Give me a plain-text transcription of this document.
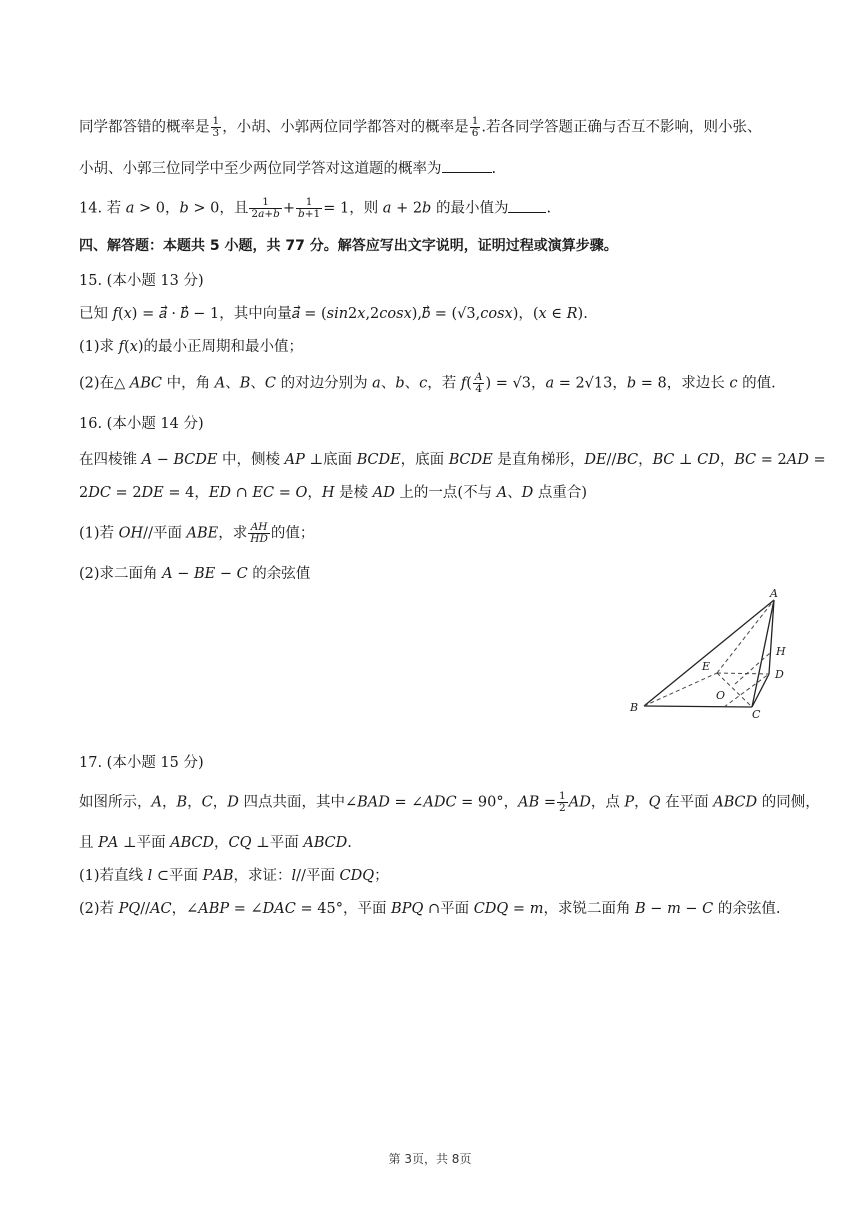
同学都答错的概率是 $\frac{1}{3}$ ，小胡、小郭两位同学都答对的概率是 $\frac{1}{6}$ .若各同学答题正确与否互不影响，则小张、
小胡、小郭三位同学中至少两位同学答对这道题的概率为	.
14. 若 𝑎 > 0，𝑏 > 0，且 $\frac{1}{\text{2𝑎+𝑏}} + \frac{1}{\text{𝑏+1}} = 1$，则 𝑎 + 2𝑏 的最小值为	.
四、解答题：本题共 5 小题，共 77 分。解答应写出文字说明，证明过程或演算步骤。
15. (本小题 13 分)
已知 𝑓(𝑥) = 𝑎⃗ · 𝑏⃗ − 1，其中向量𝑎⃗ = (𝑠𝑖𝑛2𝑥,2𝑐𝑜𝑠𝑥),𝑏⃗ = (√3,𝑐𝑜𝑠𝑥)，(𝑥 ∈ 𝑅).
(1)求 𝑓(𝑥)的最小正周期和最小值；
(2)在△ 𝐴𝐵𝐶 中，角 𝐴、𝐵、𝐶 的对边分别为 𝑎、𝑏、𝑐，若 𝑓( $\frac{\text{𝐴}}{4}$ ) = √3，𝑎 = 2√13，𝑏 = 8，求边长 𝑐 的值.
16. (本小题 14 分)
在四棱锥 𝐴 − 𝐵𝐶𝐷𝐸 中，侧棱 𝐴𝑃 ⊥底面 𝐵𝐶𝐷𝐸，底面 𝐵𝐶𝐷𝐸 是直角梯形，𝐷𝐸//𝐵𝐶，𝐵𝐶 ⊥ 𝐶𝐷，𝐵𝐶 = 2𝐴𝐷 =
2𝐷𝐶 = 2𝐷𝐸 = 4，𝐸𝐷 ∩ 𝐸𝐶 = 𝑂，𝐻 是棱 𝐴𝐷 上的一点(不与 𝐴、𝐷 点重合)
(1)若 𝑂𝐻//平面 𝐴𝐵𝐸，求 $\frac{\text{𝐴𝐻}}{\text{𝐻𝐷}}$ 的值；
(2)求二面角 𝐴 − 𝐵𝐸 − 𝐶 的余弦值
A
H
E
D
O
B
C
17. (本小题 15 分)
如图所示，𝐴，𝐵，𝐶，𝐷 四点共面，其中∠𝐵𝐴𝐷 = ∠𝐴𝐷𝐶 = 90°，𝐴𝐵 = $\frac{1}{2}$ 𝐴𝐷，点 𝑃，𝑄 在平面 𝐴𝐵𝐶𝐷 的同侧，
且 𝑃𝐴 ⊥平面 𝐴𝐵𝐶𝐷，𝐶𝑄 ⊥平面 𝐴𝐵𝐶𝐷.
(1)若直线 𝑙 ⊂平面 𝑃𝐴𝐵，求证：𝑙//平面 𝐶𝐷𝑄；
(2)若 𝑃𝑄//𝐴𝐶，∠𝐴𝐵𝑃 = ∠𝐷𝐴𝐶 = 45°，平面 𝐵𝑃𝑄 ∩平面 𝐶𝐷𝑄 = 𝑚，求锐二面角 𝐵 − 𝑚 − 𝐶 的余弦值.
第 3页，共 8页
